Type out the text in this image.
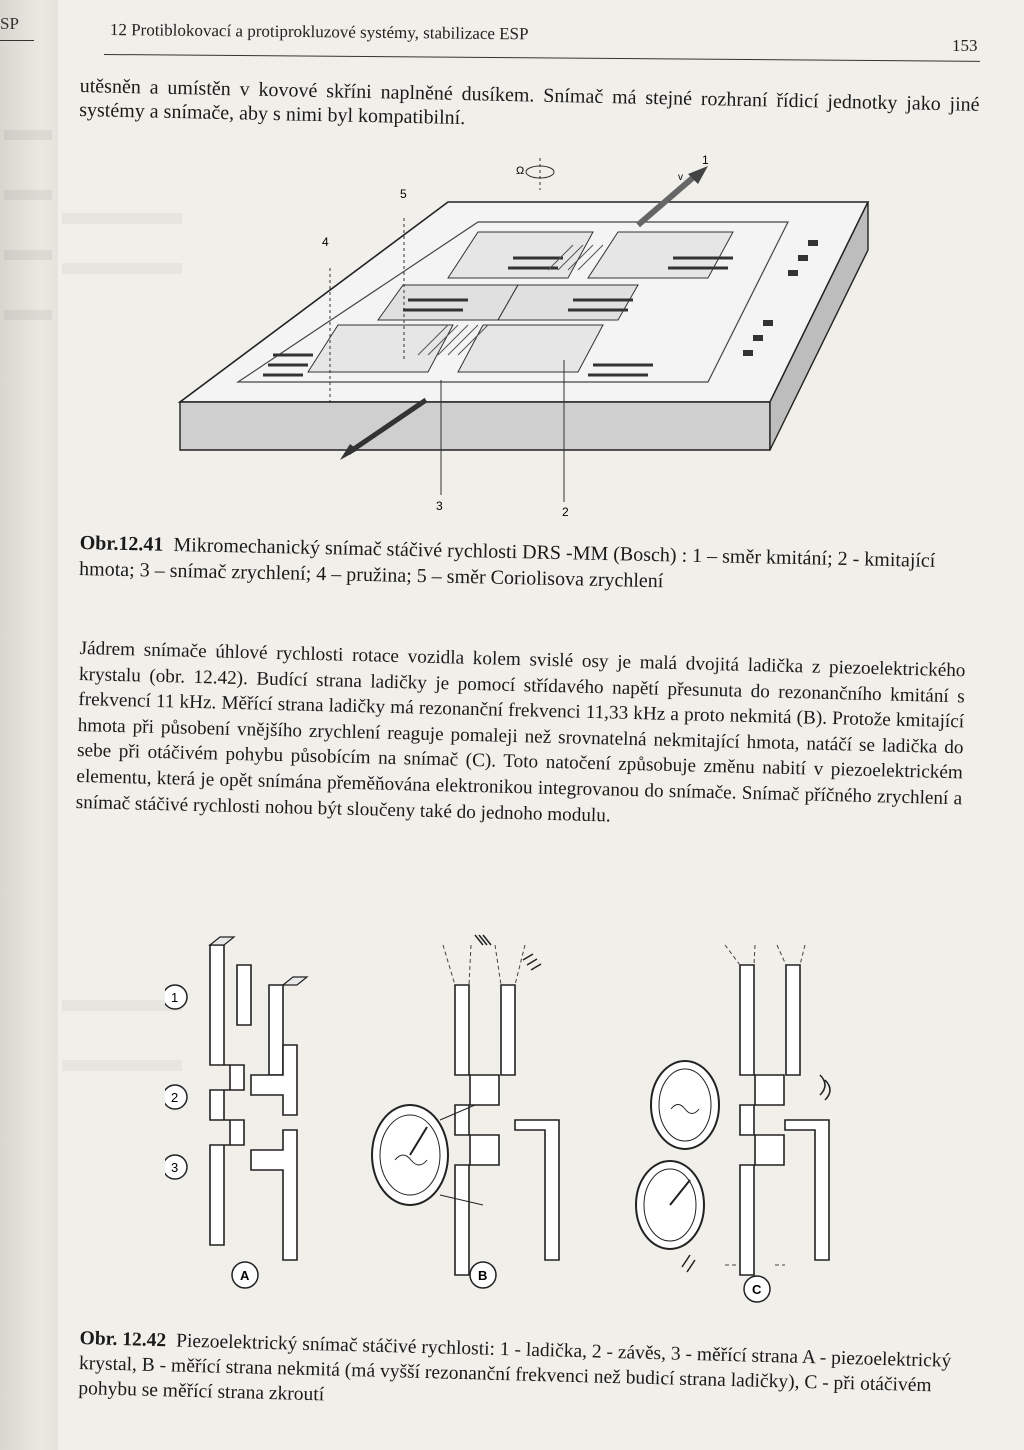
SP	12 Protiblokovací a protiprokluzové systémy, stabilizace ESP
153
utěsněn a umístěn v kovové skříni naplněné dusíkem. Snímač má stejné rozhraní řídicí jednotky jako jiné systémy a snímače, aby s nimi byl kompatibilní.
Ω
v
1
2
3
4
5
Obr.12.41 Mikromechanický snímač stáčivé rychlosti DRS -MM (Bosch) : 1 – směr kmitání; 2 - kmitající hmota; 3 – snímač zrychlení; 4 – pružina; 5 – směr Coriolisova zrychlení
Jádrem snímače úhlové rychlosti rotace vozidla kolem svislé osy je malá dvojitá ladička z piezoelektrického krystalu (obr. 12.42). Budící strana ladičky je pomocí střídavého napětí přesunuta do rezonančního kmitání s frekvencí 11 kHz. Měřící strana ladičky má rezonanční frekvenci 11,33 kHz a proto nekmitá (B). Protože kmitající hmota při působení vnějšího zrychlení reaguje pomaleji než srovnatelná nekmitající hmota, natáčí se ladička do sebe při otáčivém pohybu působícím na snímač (C). Toto natočení způsobuje změnu nabití v piezoelektrickém elementu, která je opět snímána přeměňována elektronikou integrovanou do snímače. Snímač příčného zrychlení a snímač stáčivé rychlosti nohou být sloučeny také do jednoho modulu.
1
2
3
A	B
C
Obr. 12.42 Piezoelektrický snímač stáčivé rychlosti: 1 - ladička, 2 - závěs, 3 - měřící strana A - piezoelektrický krystal, B - měřící strana nekmitá (má vyšší rezonanční frekvenci než budicí strana ladičky), C - při otáčivém pohybu se měřící strana zkroutí
